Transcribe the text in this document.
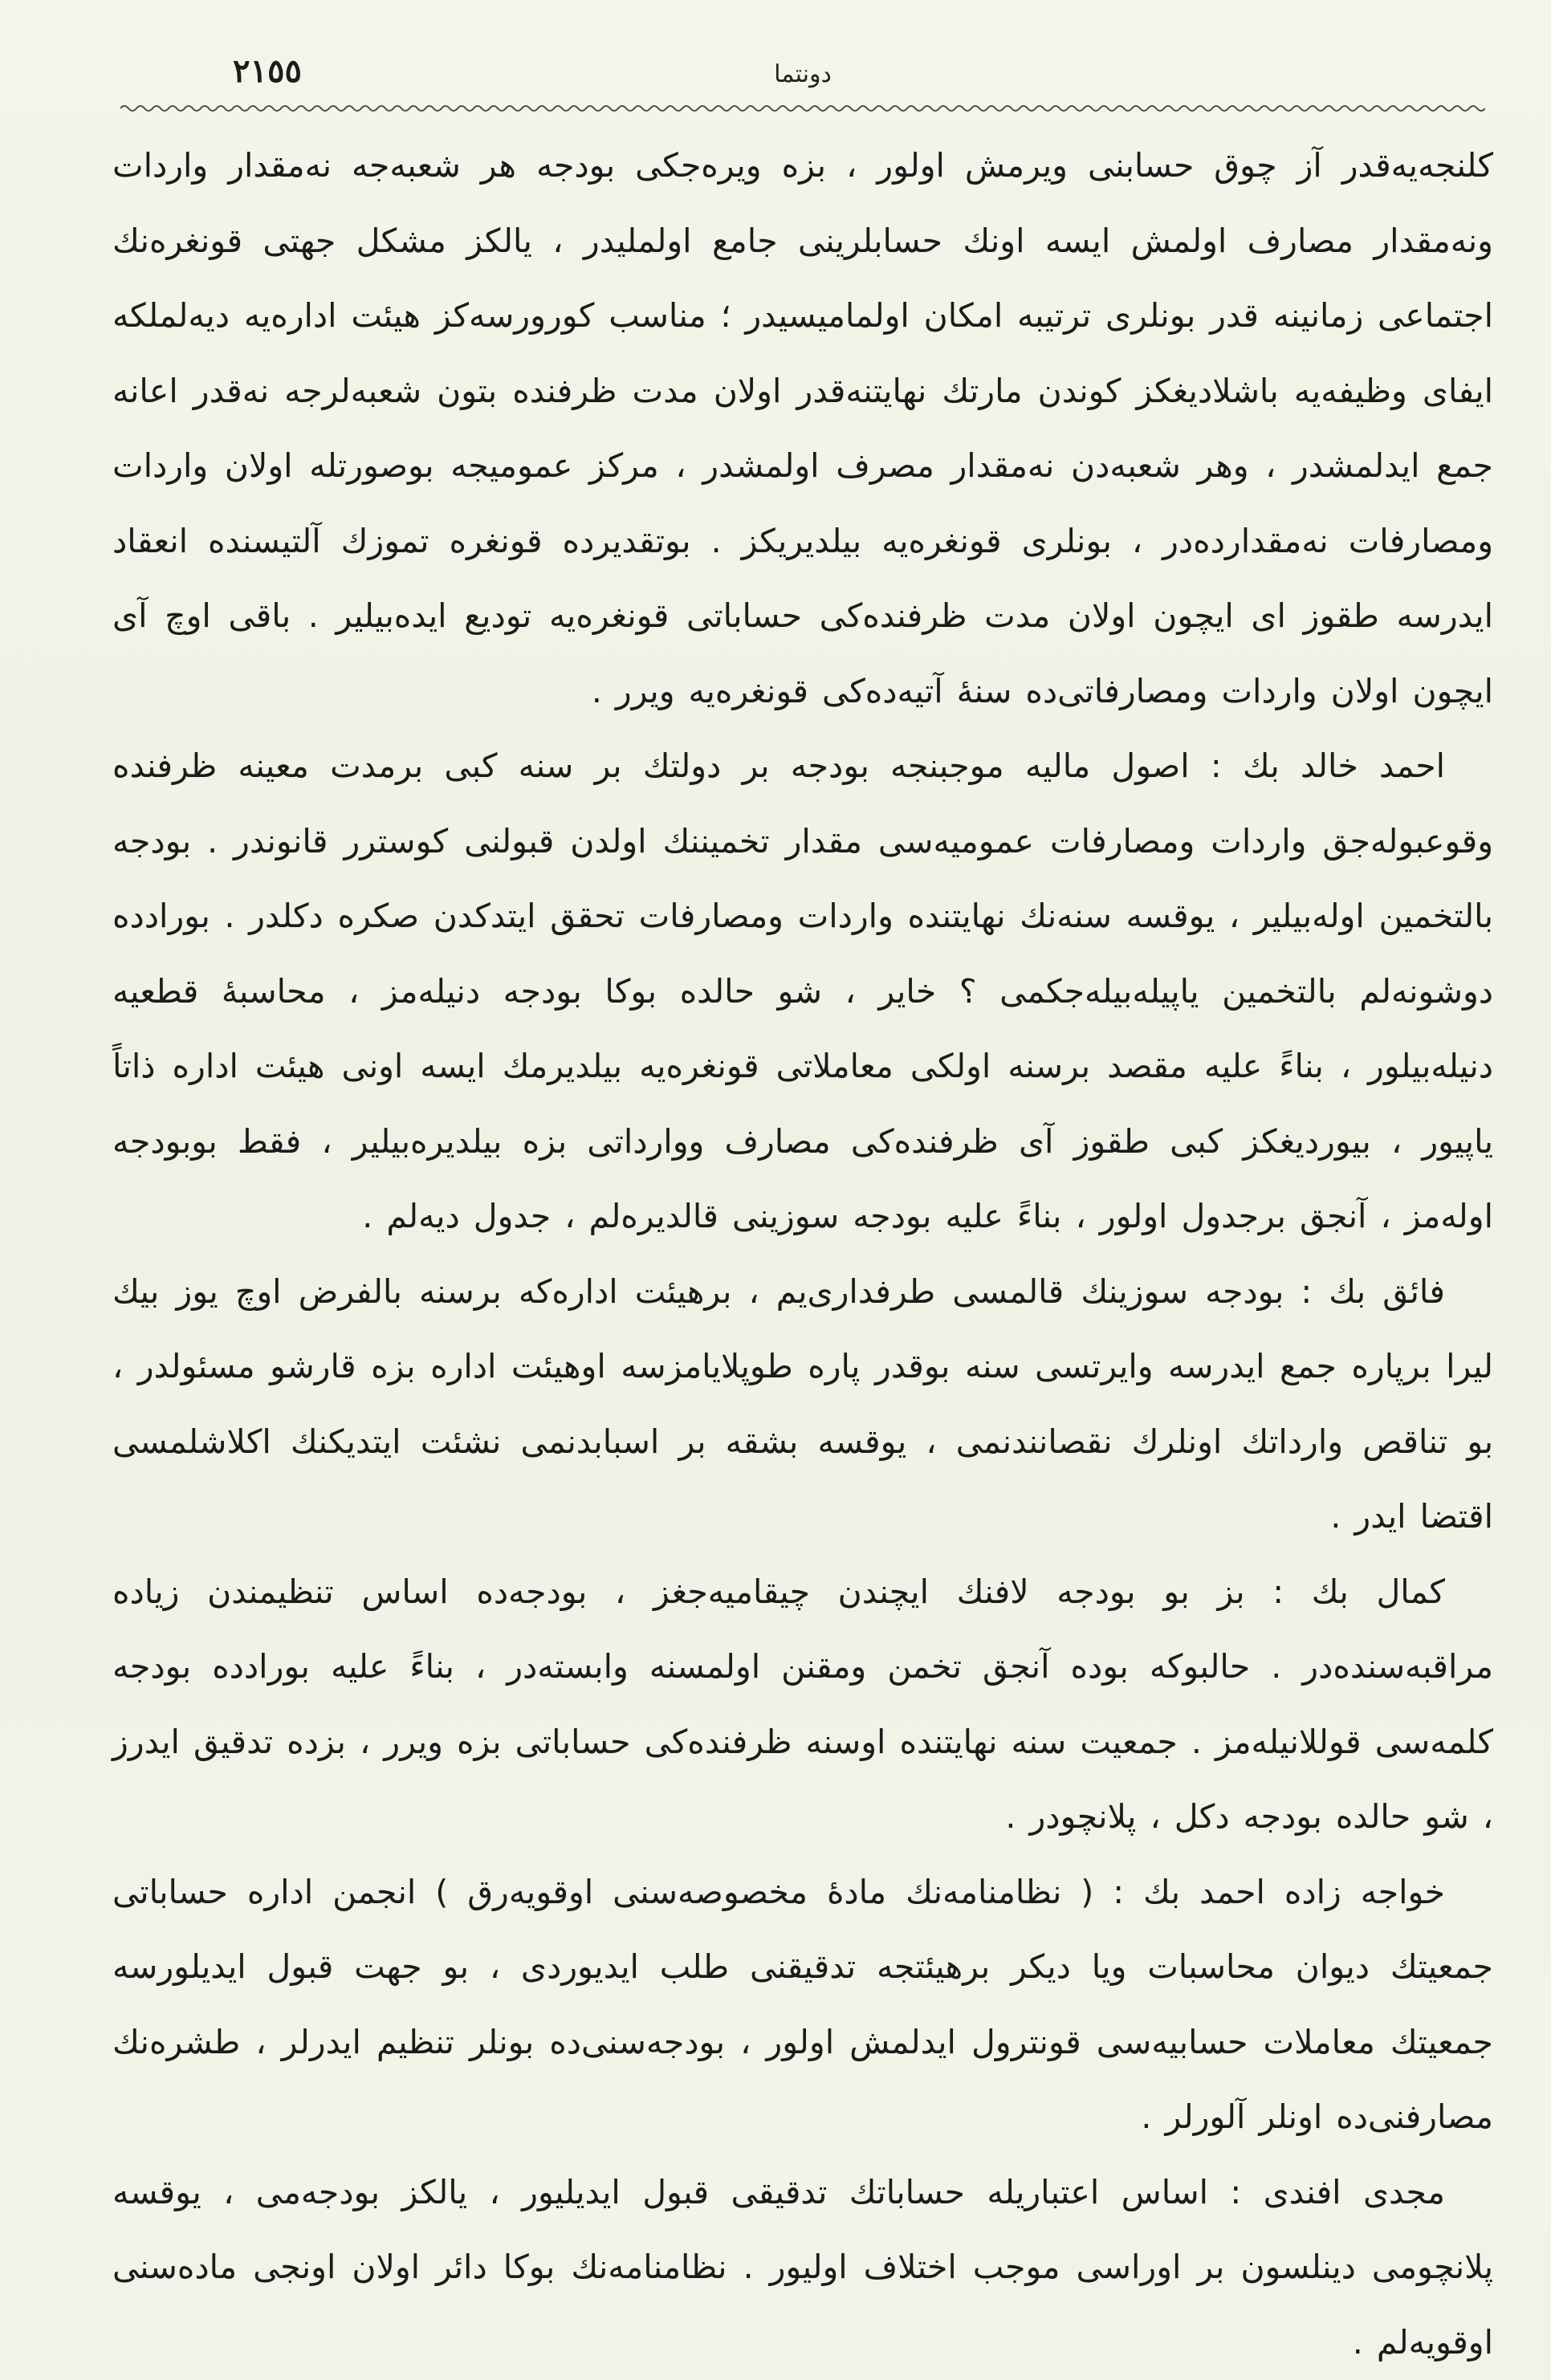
٢١٥٥	دونتما

كلنجه‌يه‌قدر آز چوق حسابنى ويرمش اولور ، بزه ويره‌جكى بودجه هر شعبه‌جه نه‌مقدار واردات ونه‌مقدار مصارف اولمش ايسه اونك حسابلرينى جامع اولمليدر ، يالكز مشكل جهتى قونغره‌نك اجتماعى زمانينه قدر بونلرى ترتيبه امكان اولماميسيدر ؛ مناسب كورورسه‌كز هيئت اداره‌يه ديه‌لملكه ايفاى وظيفه‌يه باشلاديغكز كوندن مارتك نهايتنه‌قدر اولان مدت ظرفنده بتون شعبه‌لرجه نه‌قدر اعانه جمع ايدلمشدر ، وهر شعبه‌دن نه‌مقدار مصرف اولمشدر ، مركز عموميجه بوصورتله اولان واردات ومصارفات نه‌مقدارده‌در ، بونلرى قونغره‌يه بيلديريكز . بوتقديرده قونغره تموزك آلتيسنده انعقاد ايدرسه طقوز اى ايچون اولان مدت ظرفنده‌كى حساباتى قونغره‌يه توديع ايده‌بيلير . باقى اوچ آى ايچون اولان واردات ومصارفاتى‌ده سنهٔ آتيه‌ده‌كى قونغره‌يه ويرر .

احمد خالد بك : اصول ماليه موجبنجه بودجه بر دولتك بر سنه كبى برمدت معينه ظرفنده وقوعبوله‌جق واردات ومصارفات عموميه‌سى مقدار تخميننك اولدن قبولنى كوسترر قانوندر . بودجه بالتخمين اوله‌بيلير ، يوقسه سنه‌نك نهايتنده واردات ومصارفات تحقق ايتدكدن صكره دكلدر . بورادده دوشونه‌لم بالتخمين ياپيله‌بيله‌جكمى ؟ خاير ، شو حالده بوكا بودجه دنيله‌مز ، محاسبهٔ قطعيه دنيله‌بيلور ، بناءً عليه مقصد برسنه اولكى معاملاتى قونغره‌يه بيلديرمك ايسه اونى هيئت اداره ذاتاً ياپيور ، بيورديغكز كبى طقوز آى ظرفنده‌كى مصارف ووارداتى بزه بيلديره‌بيلير ، فقط بوبودجه اوله‌مز ، آنجق برجدول اولور ، بناءً عليه بودجه سوزينى قالديره‌لم ، جدول ديه‌لم .

فائق بك : بودجه سوزينك قالمسى طرفدارى‌يم ، برهيئت اداره‌كه برسنه بالفرض اوچ يوز بيك ليرا برپاره جمع ايدرسه وايرتسى سنه بوقدر پاره طوپلايامزسه اوهيئت اداره بزه قارشو مسئولدر ، بو تناقص وارداتك اونلرك نقصانندنمى ، يوقسه بشقه بر اسبابدنمى نشئت ايتديكنك اكلاشلمسى اقتضا ايدر .

كمال بك : بز بو بودجه لافنك ايچندن چيقاميه‌جغز ، بودجه‌ده اساس تنظيمندن زياده مراقبه‌سنده‌در . حالبوكه بوده آنجق تخمن ومقنن اولمسنه وابسته‌در ، بناءً عليه بورادده بودجه كلمه‌سى قوللانيله‌مز . جمعيت سنه نهايتنده اوسنه ظرفنده‌كى حساباتى بزه ويرر ، بزده تدقيق ايدرز ، شو حالده بودجه دكل ، پلانچودر .

خواجه زاده احمد بك : ( نظامنامه‌نك مادهٔ مخصوصه‌سنى اوقويه‌رق ) انجمن اداره حساباتى جمعيتك ديوان محاسبات ويا ديكر برهيئتجه تدقيقنى طلب ايديوردى ، بو جهت قبول ايديلورسه جمعيتك معاملات حسابيه‌سى قونترول ايدلمش اولور ، بودجه‌سنى‌ده بونلر تنظيم ايدرلر ، طشره‌نك مصارفنى‌ده اونلر آلورلر .

مجدى افندى : اساس اعتباريله حساباتك تدقيقى قبول ايديليور ، يالكز بودجه‌مى ، يوقسه پلانچومى دينلسون بر اوراسى موجب اختلاف اوليور . نظامنامه‌نك بوكا دائر اولان اونجى ماده‌سنى اوقويه‌لم .
